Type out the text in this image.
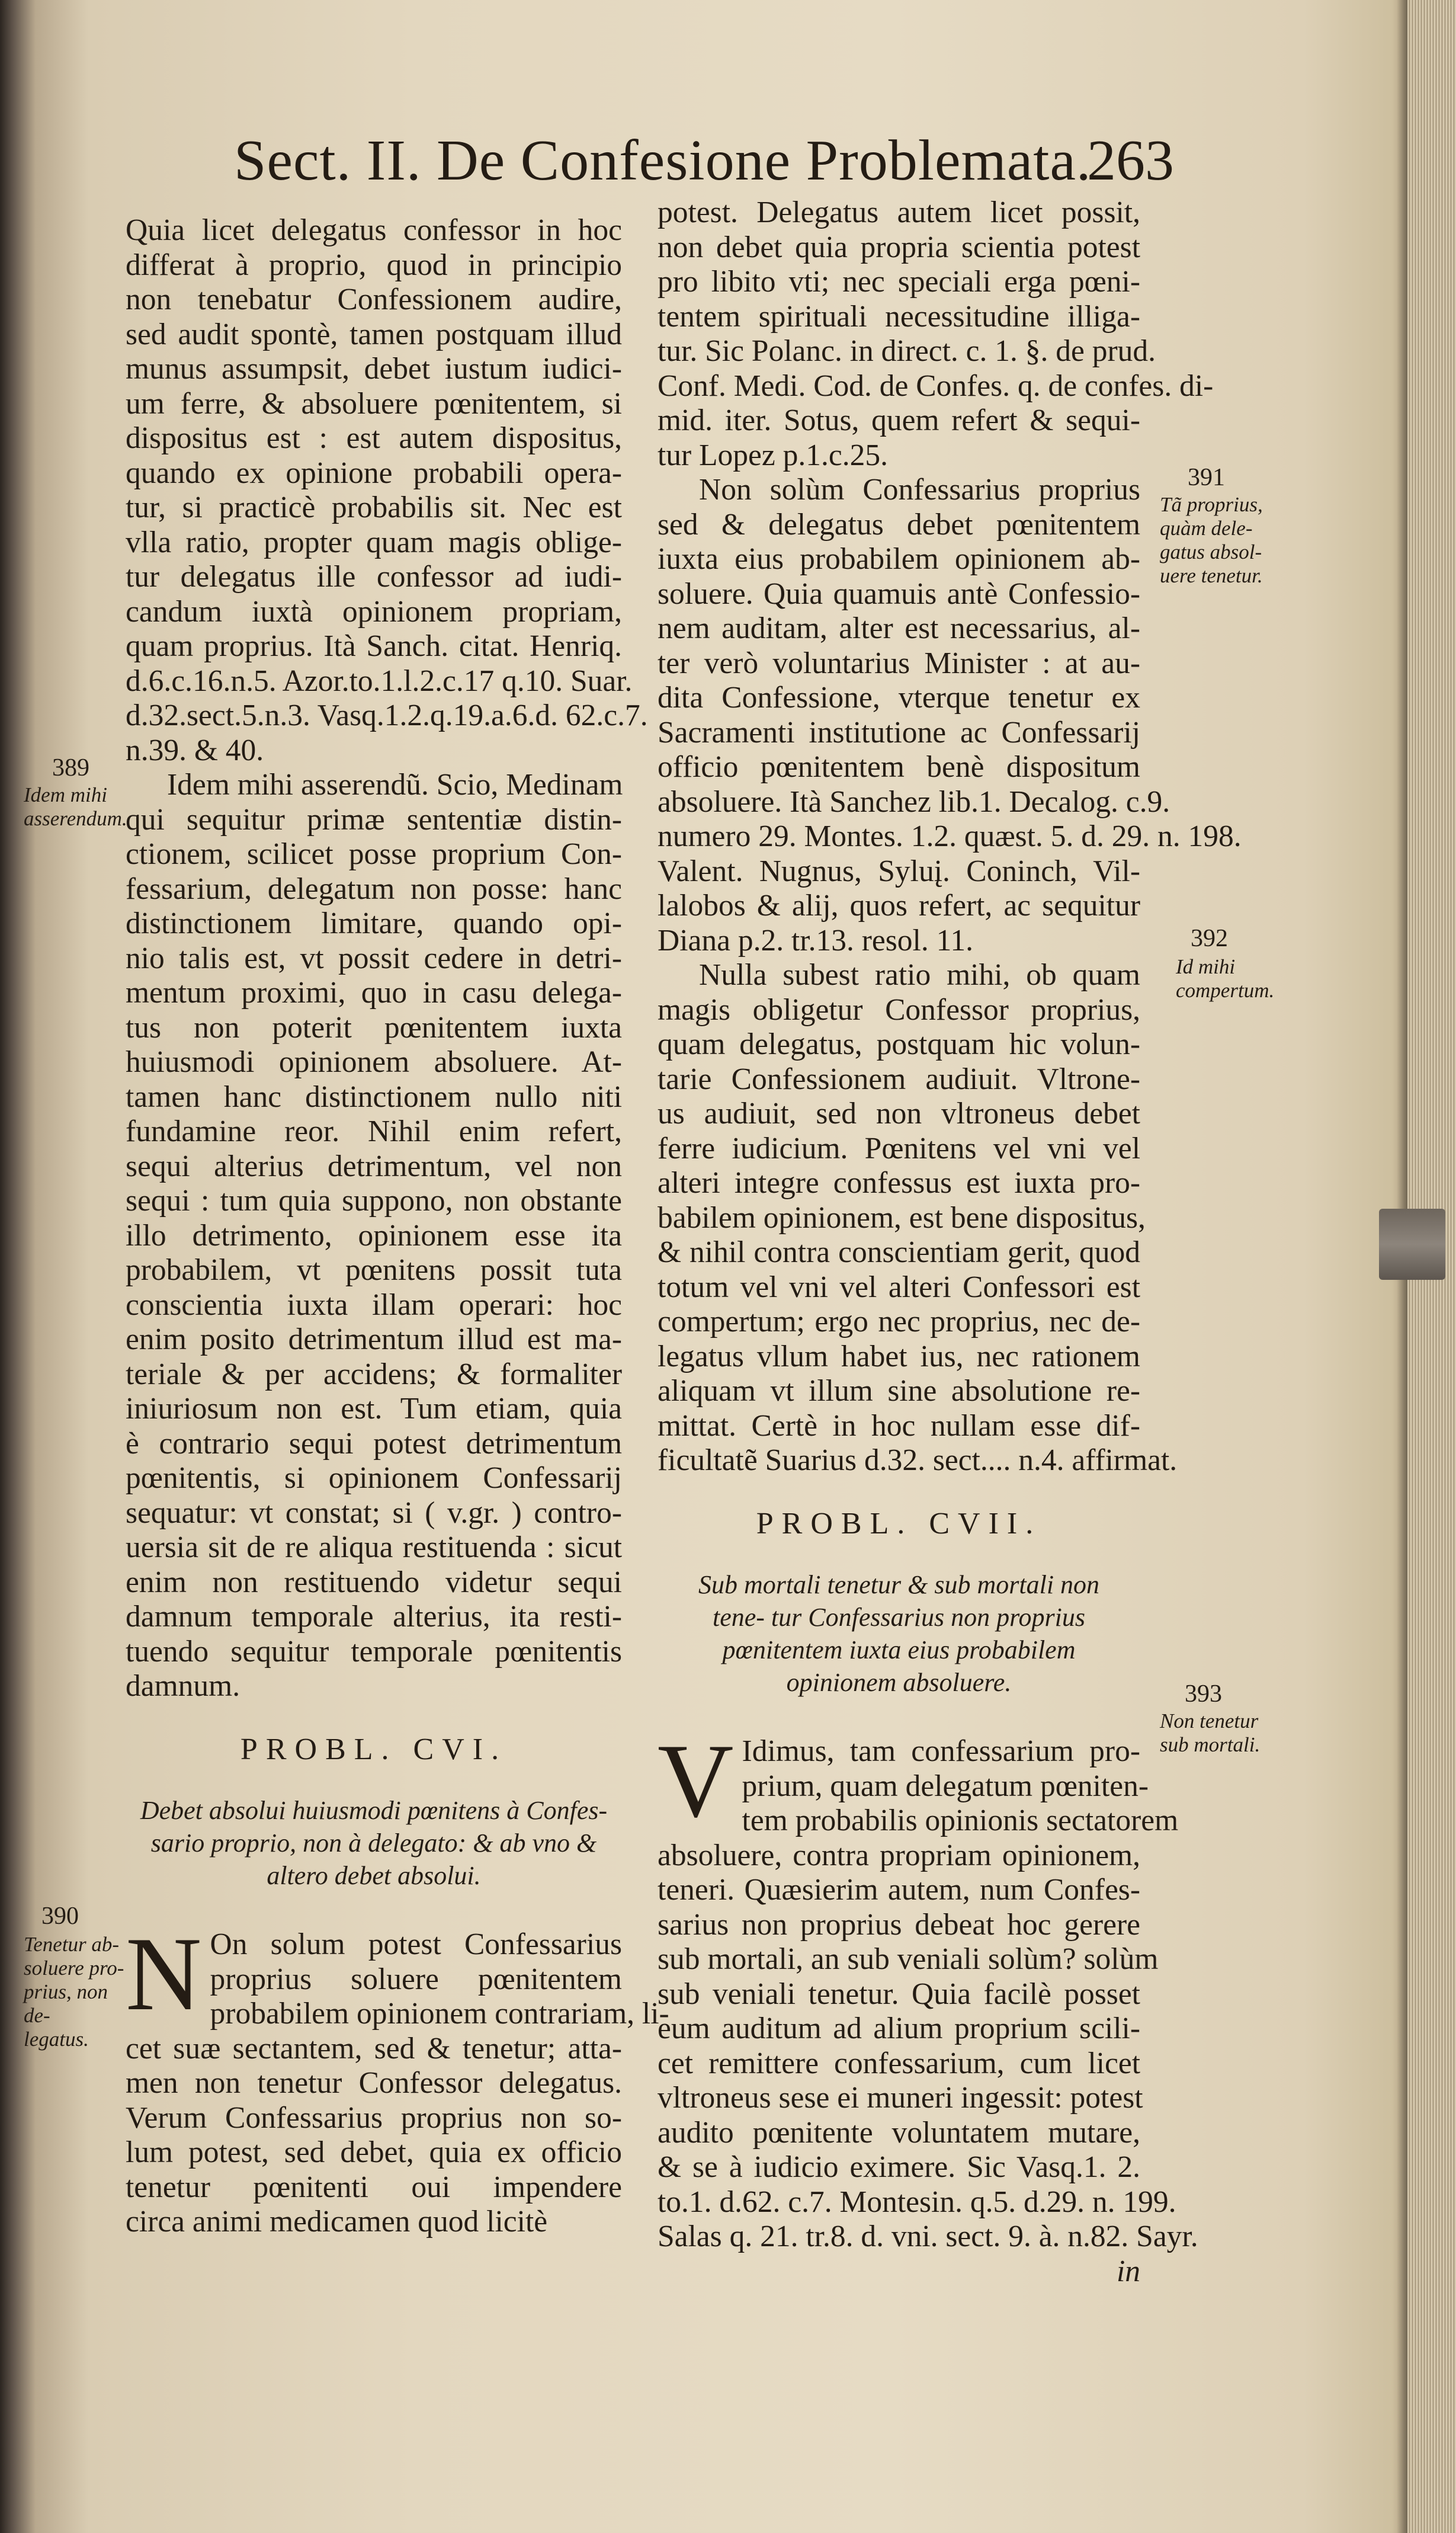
Sect. II. De Confesione Problemata.
263

Quia licet delegatus confessor in hoc
differat à proprio, quod in principio
non tenebatur Confessionem audire,
sed audit spontè, tamen postquam illud
munus assumpsit, debet iustum iudici-
um ferre, & absoluere pœnitentem, si
dispositus est : est autem dispositus,
quando ex opinione probabili opera-
tur, si practicè probabilis sit. Nec est
vlla ratio, propter quam magis oblige-
tur delegatus ille confessor ad iudi-
candum iuxtà opinionem propriam,
quam proprius. Ità Sanch. citat. Henriq.
d.6.c.16.n.5. Azor.to.1.l.2.c.17 q.10. Suar.
d.32.sect.5.n.3. Vasq.1.2.q.19.a.6.d. 62.c.7.
n.39. & 40.

Idem mihi asserendũ. Scio, Medinam
qui sequitur primæ sententiæ distin-
ctionem, scilicet posse proprium Con-
fessarium, delegatum non posse: hanc
distinctionem limitare, quando opi-
nio talis est, vt possit cedere in detri-
mentum proximi, quo in casu delega-
tus non poterit pœnitentem iuxta
huiusmodi opinionem absoluere. At-
tamen hanc distinctionem nullo niti
fundamine reor. Nihil enim refert,
sequi alterius detrimentum, vel non
sequi : tum quia suppono, non obstante
illo detrimento, opinionem esse ita
probabilem, vt pœnitens possit tuta
conscientia iuxta illam operari: hoc
enim posito detrimentum illud est ma-
teriale & per accidens; & formaliter
iniuriosum non est. Tum etiam, quia
è contrario sequi potest detrimentum
pœnitentis, si opinionem Confessarij
sequatur: vt constat; si ( v.gr. ) contro-
uersia sit de re aliqua restituenda : sicut
enim non restituendo videtur sequi
damnum temporale alterius, ita resti-
tuendo sequitur temporale pœnitentis
damnum.

PROBL. CVI.
Debet absolui huiusmodi pœnitens à Confes- sario proprio, non à delegato: & ab vno & altero debet absolui.

N On solum potest Confessarius
proprius soluere pœnitentem
probabilem opinionem contrariam, li-
cet suæ sectantem, sed & tenetur; atta-
men non tenetur Confessor delegatus.
Verum Confessarius proprius non so-
lum potest, sed debet, quia ex officio
tenetur pœnitenti oui impendere
circa animi medicamen quod licitè

potest. Delegatus autem licet possit,
non debet quia propria scientia potest
pro libito vti; nec speciali erga pœni-
tentem spirituali necessitudine illiga-
tur. Sic Polanc. in direct. c. 1. §. de prud.
Conf. Medi. Cod. de Confes. q. de confes. di-
mid. iter. Sotus, quem refert & sequi-
tur Lopez p.1.c.25.

Non solùm Confessarius proprius
sed & delegatus debet pœnitentem
iuxta eius probabilem opinionem ab-
soluere. Quia quamuis antè Confessio-
nem auditam, alter est necessarius, al-
ter verò voluntarius Minister : at au-
dita Confessione, vterque tenetur ex
Sacramenti institutione ac Confessarij
officio pœnitentem benè dispositum
absoluere. Ità Sanchez lib.1. Decalog. c.9.
numero 29. Montes. 1.2. quæst. 5. d. 29. n. 198.
Valent. Nugnus, Syluį. Coninch, Vil-
lalobos & alij, quos refert, ac sequitur
Diana p.2. tr.13. resol. 11.

Nulla subest ratio mihi, ob quam
magis obligetur Confessor proprius,
quam delegatus, postquam hic volun-
tarie Confessionem audiuit. Vltrone-
us audiuit, sed non vltroneus debet
ferre iudicium. Pœnitens vel vni vel
alteri integre confessus est iuxta pro-
babilem opinionem, est bene dispositus,
& nihil contra conscientiam gerit, quod
totum vel vni vel alteri Confessori est
compertum; ergo nec proprius, nec de-
legatus vllum habet ius, nec rationem
aliquam vt illum sine absolutione re-
mittat. Certè in hoc nullam esse dif-
ficultatẽ Suarius d.32. sect.... n.4. affirmat.

PROBL. CVII.
Sub mortali tenetur & sub mortali non tene- tur Confessarius non proprius pœnitentem iuxta eius probabilem opinionem absoluere.

V Idimus, tam confessarium pro-
prium, quam delegatum pœniten-
tem probabilis opinionis sectatorem
absoluere, contra propriam opinionem,
teneri. Quæsierim autem, num Confes-
sarius non proprius debeat hoc gerere
sub mortali, an sub veniali solùm? solùm
sub veniali tenetur. Quia facilè posset
eum auditum ad alium proprium scili-
cet remittere confessarium, cum licet
vltroneus sese ei muneri ingessit: potest
audito pœnitente voluntatem mutare,
& se à iudicio eximere. Sic Vasq.1. 2.
to.1. d.62. c.7. Montesin. q.5. d.29. n. 199.
Salas q. 21. tr.8. d. vni. sect. 9. à. n.82. Sayr.

in
389
Idem mihi
asserendum.
390
Tenetur ab-
soluere pro-
prius, non de-
legatus.
391
Tã proprius,
quàm dele-
gatus absol-
uere tenetur.
392
Id mihi
compertum.
393
Non tenetur
sub mortali.
